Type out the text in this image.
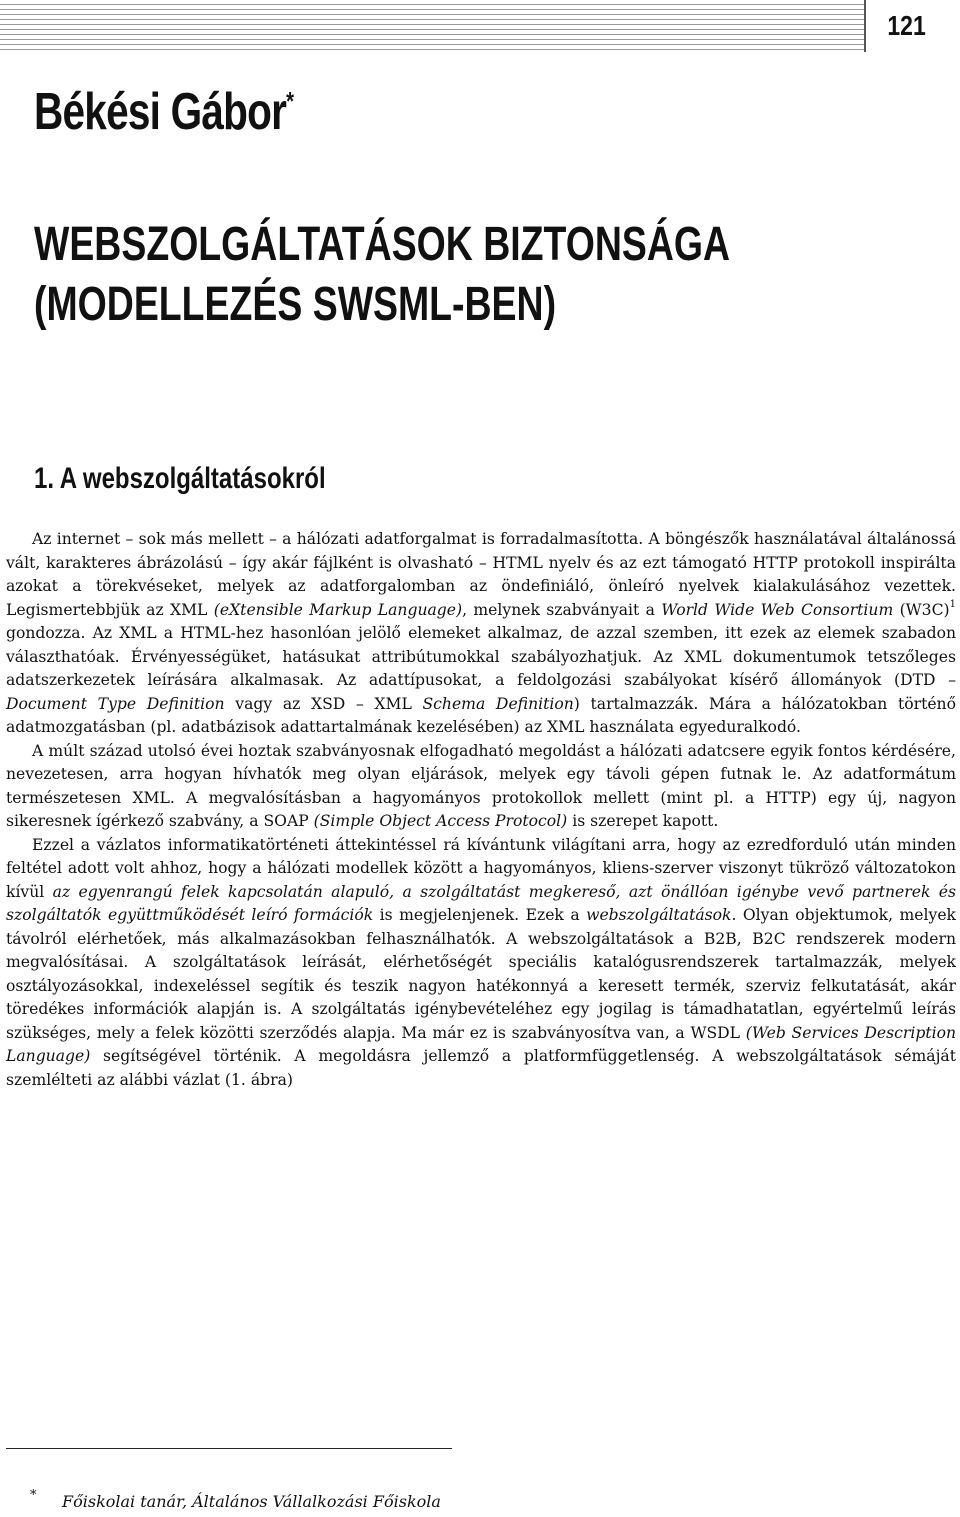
121
Békési Gábor*
WEBSZOLGÁLTATÁSOK BIZTONSÁGA
(MODELLEZÉS SWSML-BEN)
1. A webszolgáltatásokról

Az internet – sok más mellett – a hálózati adatforgalmat is forradalmasította. A böngészők használatával általánossá vált, karakteres ábrázolású – így akár fájlként is olvasható – HTML nyelv és az ezt támogató HTTP protokoll inspirálta azokat a törekvéseket, melyek az adatforgalomban az öndefiniáló, önleíró nyelvek kialakulásához vezettek. Legismertebbjük az XML (eXtensible Markup Language), melynek szabványait a World Wide Web Consortium $(W3C)^1$ gondozza. Az XML a HTML-hez hasonlóan jelölő elemeket alkalmaz, de azzal szemben, itt ezek az elemek szabadon választhatóak. Érvényességüket, hatásukat attribútumokkal szabályozhatjuk. Az XML dokumentumok tetszőleges adatszerkezetek leírására alkalmasak. Az adattípusokat, a feldolgozási szabályokat kísérő állományok (DTD – Document Type Definition vagy az XSD – XML Schema Definition) tartalmazzák. Mára a hálózatokban történő adatmozgatásban (pl. adatbázisok adattartalmának kezelésében) az XML használata egyeduralkodó.

A múlt század utolsó évei hoztak szabványosnak elfogadható megoldást a hálózati adatcsere egyik fontos kérdésére, nevezetesen, arra hogyan hívhatók meg olyan eljárások, melyek egy távoli gépen futnak le. Az adatformátum természetesen XML. A megvalósításban a hagyományos protokollok mellett (mint pl. a HTTP) egy új, nagyon sikeresnek ígérkező szabvány, a SOAP (Simple Object Access Protocol) is szerepet kapott.

Ezzel a vázlatos informatikatörténeti áttekintéssel rá kívántunk világítani arra, hogy az ezredforduló után minden feltétel adott volt ahhoz, hogy a hálózati modellek között a hagyományos, kliens-szerver viszonyt tükröző változatokon kívül az egyenrangú felek kapcsolatán alapuló, a szolgáltatást megkereső, azt önállóan igénybe vevő partnerek és szolgáltatók együttműködését leíró formációk is megjelenjenek. Ezek a webszolgáltatások. Olyan objektumok, melyek távolról elérhetőek, más alkalmazásokban felhasználhatók. A webszolgáltatások a B2B, B2C rendszerek modern megvalósításai. A szolgáltatások leírását, elérhetőségét speciális katalógusrendszerek tartalmazzák, melyek osztályozásokkal, indexeléssel segítik és teszik nagyon hatékonnyá a keresett termék, szerviz felkutatását, akár töredékes információk alapján is. A szolgáltatás igénybevételéhez egy jogilag is támadhatatlan, egyértelmű leírás szükséges, mely a felek közötti szerződés alapja. Ma már ez is szabványosítva van, a WSDL (Web Services Description Language) segítségével történik. A megoldásra jellemző a platformfüggetlenség. A webszolgáltatások sémáját szemlélteti az alábbi vázlat (1. ábra)

* Főiskolai tanár, Általános Vállalkozási Főiskola
